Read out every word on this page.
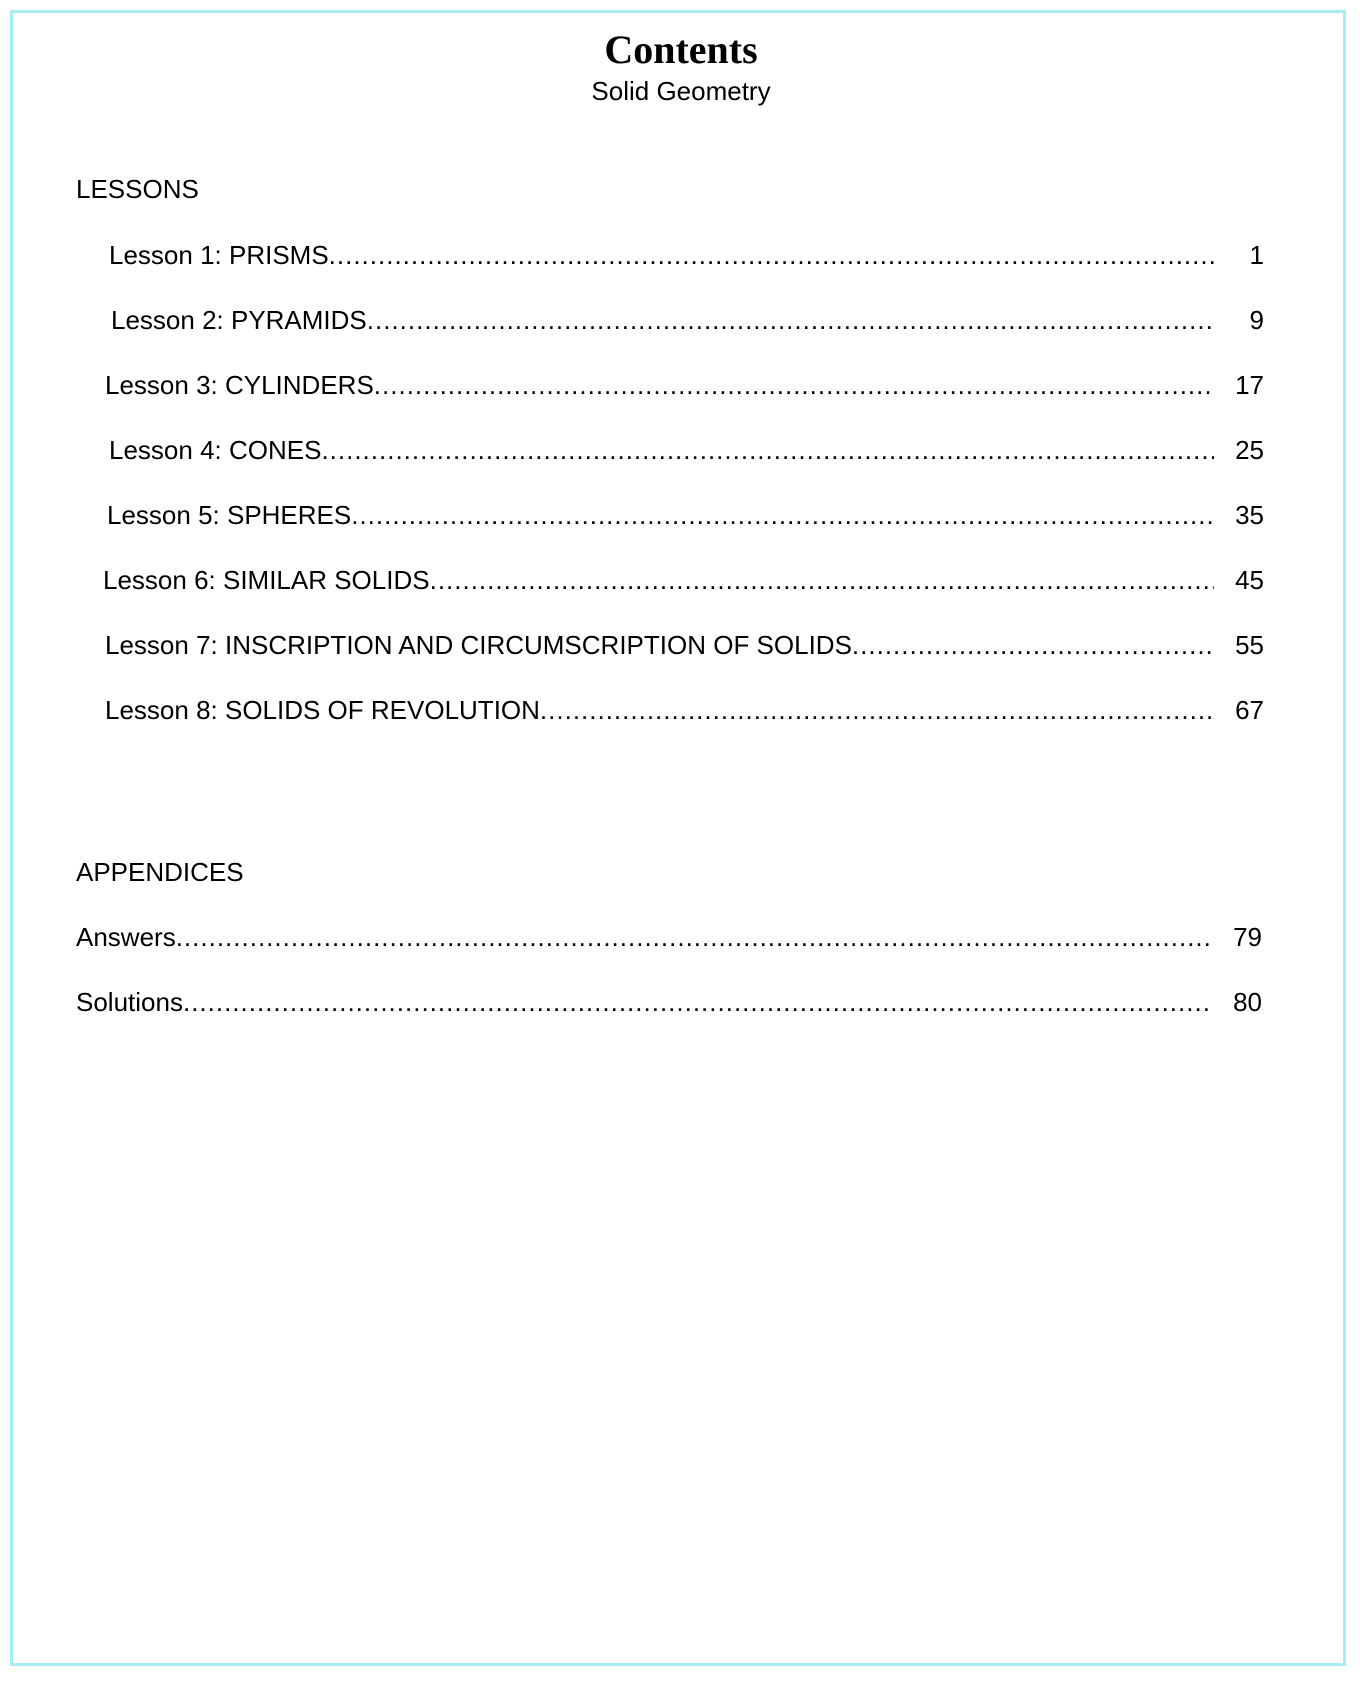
Contents
Solid Geometry
LESSONS
Lesson 1: PRISMS .....	1
Lesson 2: PYRAMIDS .....	9
Lesson 3: CYLINDERS .....	17
Lesson 4: CONES .....	25
Lesson 5: SPHERES .....	35
Lesson 6: SIMILAR SOLIDS .....	45
Lesson 7: INSCRIPTION AND CIRCUMSCRIPTION OF SOLIDS .....	55
Lesson 8: SOLIDS OF REVOLUTION .....	67
APPENDICES
Answers .....	79
Solutions .....	80
